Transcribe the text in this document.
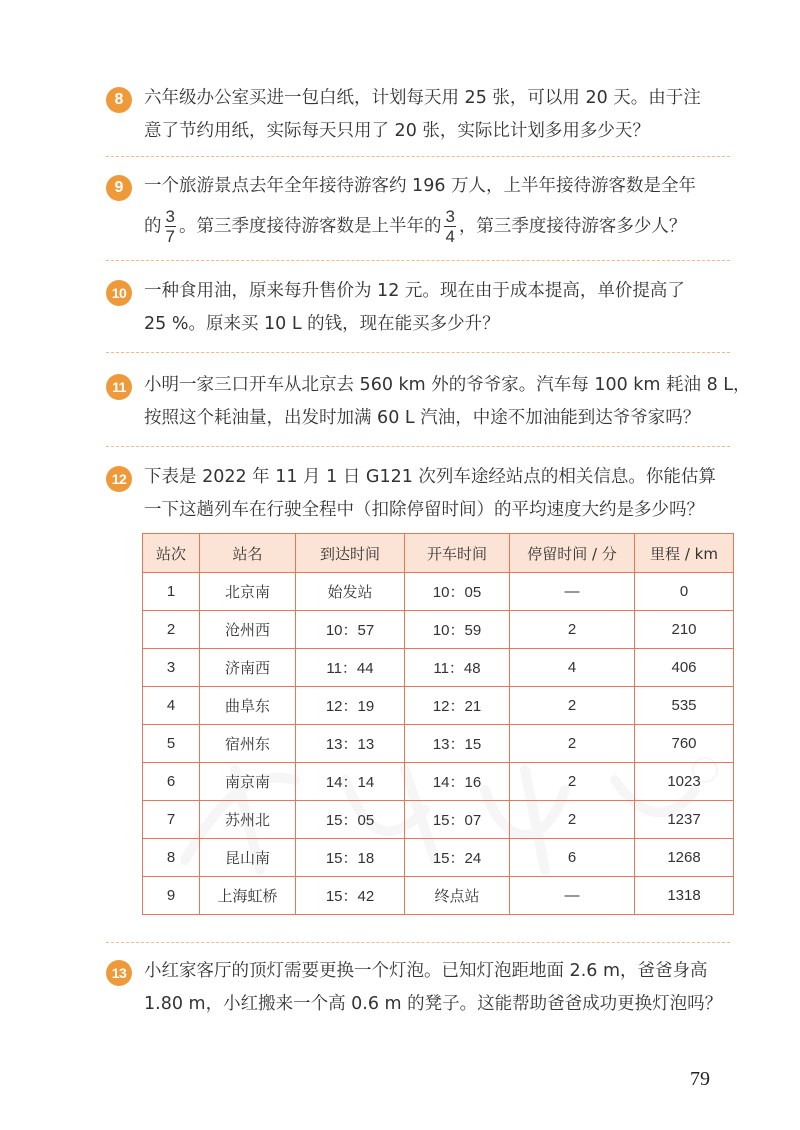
8	六年级办公室买进一包白纸，计划每天用 25 张，可以用 20 天。由于注
意了节约用纸，实际每天只用了 20 张，实际比计划多用多少天？
9	一个旅游景点去年全年接待游客约 196 万人，上半年接待游客数是全年
的 $\frac{3}{7}$ 。第三季度接待游客数是上半年的 $\frac{3}{4}$ ，第三季度接待游客多少人？
10	一种食用油，原来每升售价为 12 元。现在由于成本提高，单价提高了
25 %。原来买 10 L 的钱，现在能买多少升？
11	小明一家三口开车从北京去 560 km 外的爷爷家。汽车每 100 km 耗油 8 L，
按照这个耗油量，出发时加满 60 L 汽油，中途不加油能到达爷爷家吗？
12	下表是 2022 年 11 月 1 日 G121 次列车途经站点的相关信息。你能估算
一下这趟列车在行驶全程中（扣除停留时间）的平均速度大约是多少吗？
站次	站名	到达时间	开车时间	停留时间 / 分	里程 / km
1	北京南	始发站	10：05	—	0
2	沧州西	10：57	10：59	2	210
3	济南西	11：44	11：48	4	406
4	曲阜东	12：19	12：21	2	535
5	宿州东	13：13	13：15	2	760
6	南京南	14：14	14：16	2	1023
7	苏州北	15：05	15：07	2	1237
8	昆山南	15：18	15：24	6	1268
9	上海虹桥	15：42	终点站	—	1318
13	小红家客厅的顶灯需要更换一个灯泡。已知灯泡距地面 2.6 m，爸爸身高
1.80 m，小红搬来一个高 0.6 m 的凳子。这能帮助爸爸成功更换灯泡吗？
79
